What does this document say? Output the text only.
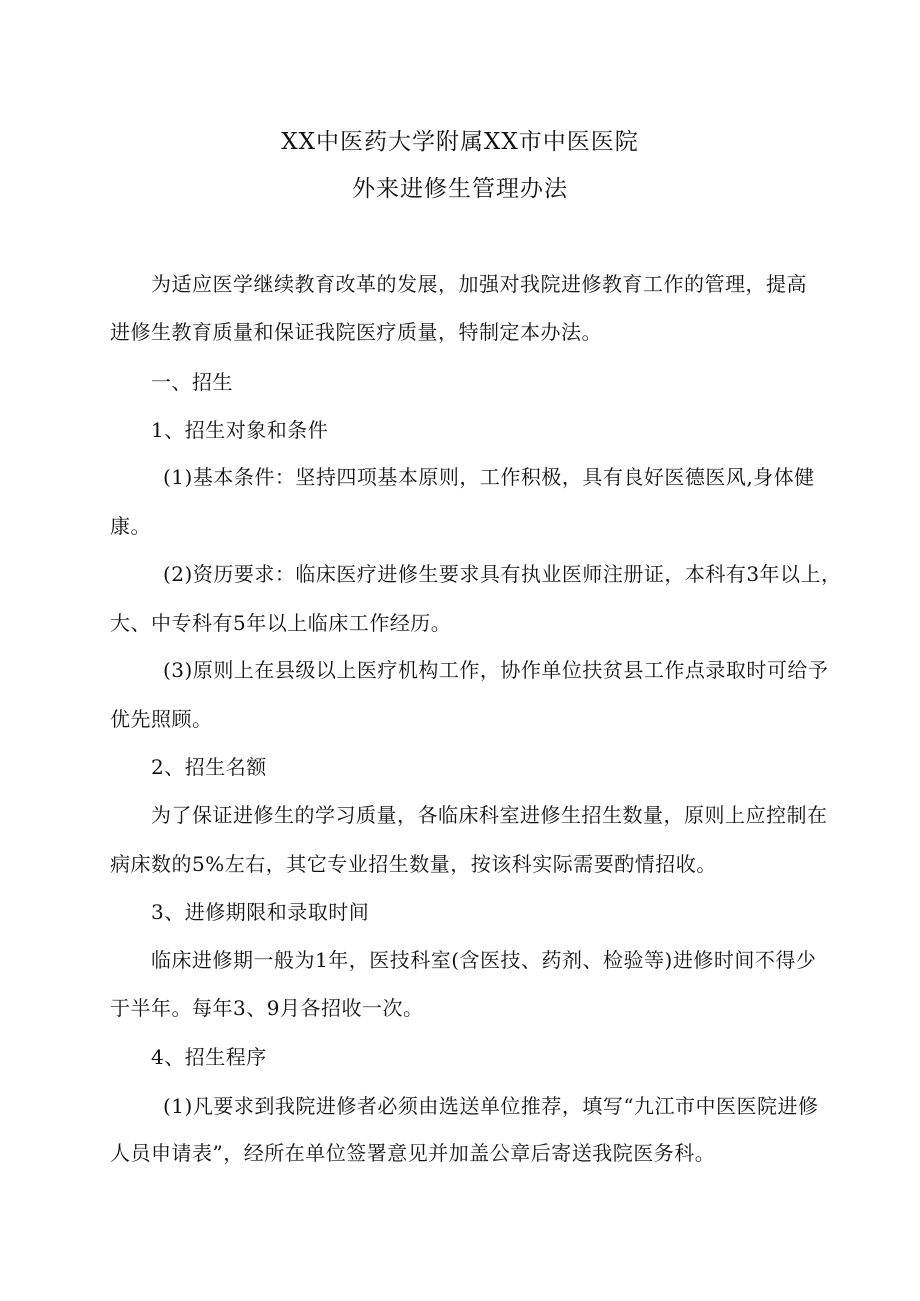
XX中医药大学附属XX市中医医院
外来进修生管理办法
为适应医学继续教育改革的发展，加强对我院进修教育工作的管理，提高
进修生教育质量和保证我院医疗质量，特制定本办法。
一、招生
1、招生对象和条件
(1)基本条件：坚持四项基本原则，工作积极，具有良好医德医风,身体健
康。
(2)资历要求：临床医疗进修生要求具有执业医师注册证，本科有3年以上，
大、中专科有5年以上临床工作经历。
(3)原则上在县级以上医疗机构工作，协作单位扶贫县工作点录取时可给予
优先照顾。
2、招生名额
为了保证进修生的学习质量，各临床科室进修生招生数量，原则上应控制在
病床数的5%左右，其它专业招生数量，按该科实际需要酌情招收。
3、进修期限和录取时间
临床进修期一般为1年，医技科室(含医技、药剂、检验等)进修时间不得少
于半年。每年3、9月各招收一次。
4、招生程序
(1)凡要求到我院进修者必须由选送单位推荐，填写“九江市中医医院进修
人员申请表”，经所在单位签署意见并加盖公章后寄送我院医务科。
